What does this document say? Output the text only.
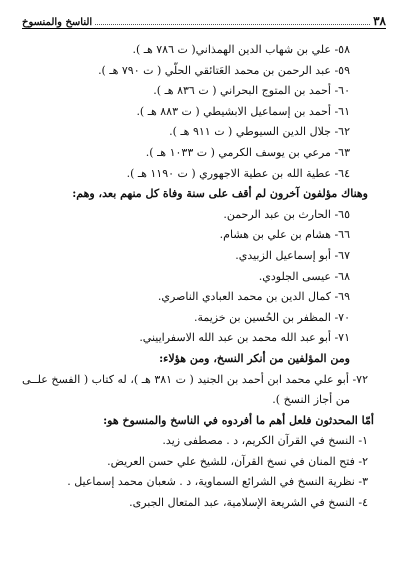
٣٨
الناسخ والمنسوخ
٥٨- علي بن شهاب الدين الهمذاني( ت ٧٨٦ هـ ).
٥٩- عبد الرحمن بن محمد العَتائقي الحلّي ( ت ٧٩٠ هـ ).
٦٠- أحمد بن المتوج البحراني ( ت ٨٣٦ هـ ).
٦١- أحمد بن إسماعيل الابشيطي ( ت ٨٨٣ هـ ).
٦٢- جلال الدين السيوطي ( ت ٩١١ هـ ).
٦٣- مرعي بن يوسف الكرمي ( ت ١٠٣٣ هـ ).
٦٤- عطية الله بن عطية الاجهوري ( ت ١١٩٠ هـ ).
وهناك مؤلفون آخرون لم أقف على سنة وفاة كل منهم بعد، وهم:
٦٥- الحارث بن عبد الرحمن.
٦٦- هشام بن علي بن هشام.
٦٧- أبو إسماعيل الزبيدي.
٦٨- عيسى الجلودي.
٦٩- كمال الدين بن محمد العبادي الناصري.
٧٠- المظفر بن الحُسين بن خزيمة.
٧١- أبو عبد الله محمد بن عبد الله الاسفراييني.
ومن المؤلفين من أنكر النسخ، ومن هؤلاء:
٧٢- أبو علي محمد ابن أحمد بن الجنيد ( ت ٣٨١ هـ )، له كتاب ( الفسخ علــى
من أجاز النسخ ).
أمّا المحدثون فلعل أهم ما أفردوه في الناسخ والمنسوخ هو:
١- النسخ في القرآن الكريم، د . مصطفى زيد.
٢- فتح المنان في نسخ القرآن، للشيخ علي حسن العريض.
٣- نظرية النسخ في الشرائع السماوية، د . شعبان محمد إسماعيل .
٤- النسخ في الشريعة الإسلامية، عبد المتعال الجبرى.
